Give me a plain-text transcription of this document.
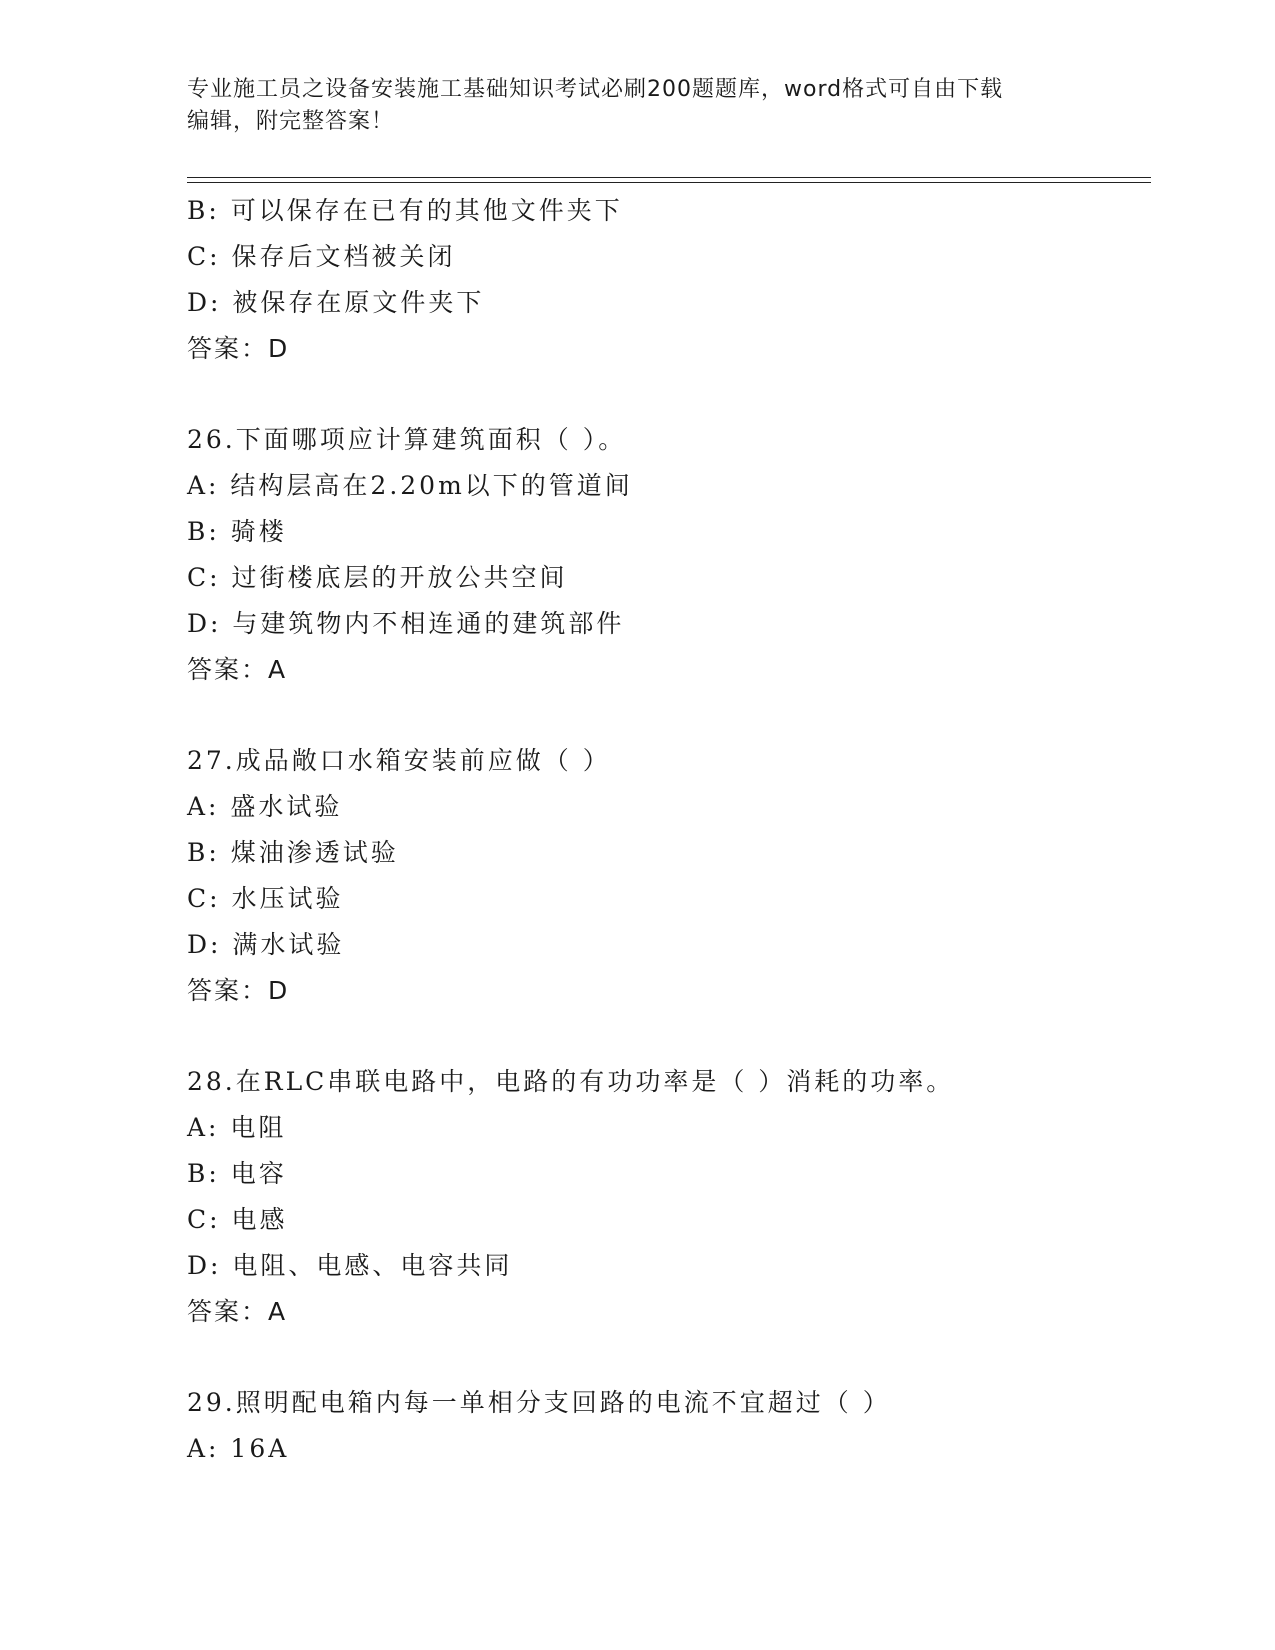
专业施工员之设备安装施工基础知识考试必刷200题题库，word格式可自由下载
编辑，附完整答案！
B: 可以保存在已有的其他文件夹下
C: 保存后文档被关闭
D: 被保存在原文件夹下
答案：D
26.下面哪项应计算建筑面积（ ）。
A: 结构层高在2.20m以下的管道间
B: 骑楼
C: 过街楼底层的开放公共空间
D: 与建筑物内不相连通的建筑部件
答案：A
27.成品敞口水箱安装前应做（ ）
A: 盛水试验
B: 煤油渗透试验
C: 水压试验
D: 满水试验
答案：D
28.在RLC串联电路中，电路的有功功率是（ ）消耗的功率。
A: 电阻
B: 电容
C: 电感
D: 电阻、电感、电容共同
答案：A
29.照明配电箱内每一单相分支回路的电流不宜超过（ ）
A: 16A
